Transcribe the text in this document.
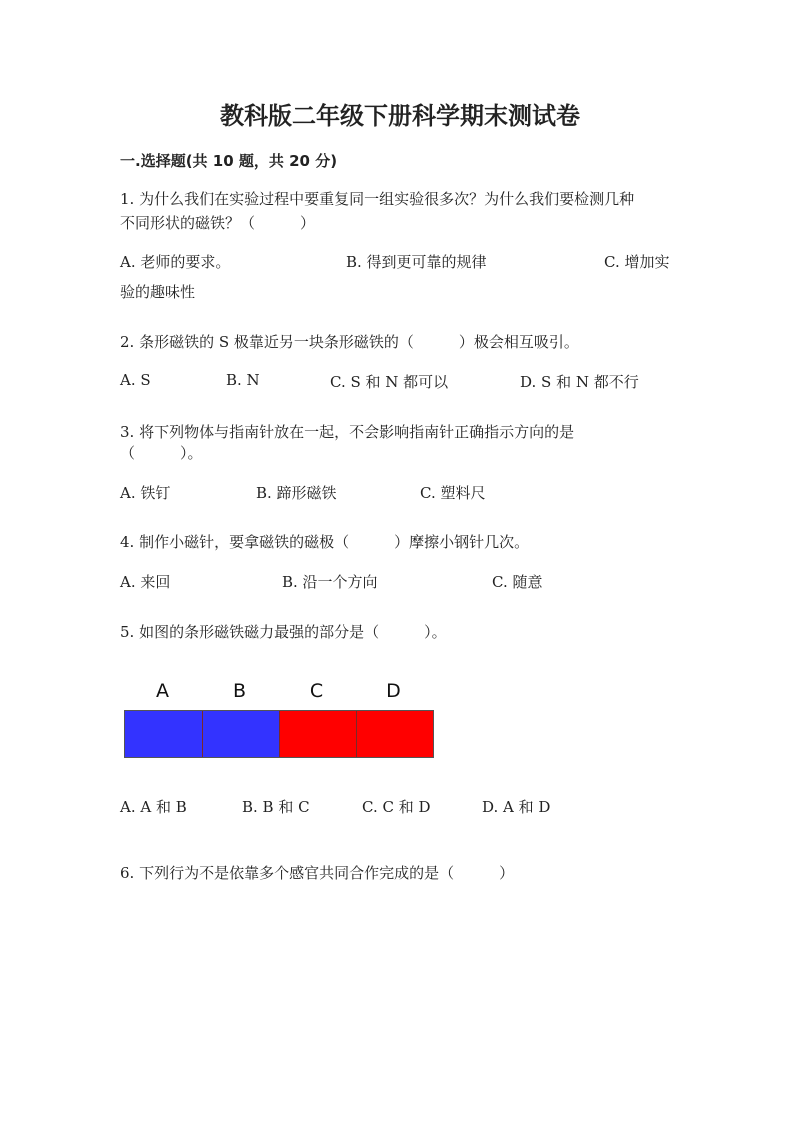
教科版二年级下册科学期末测试卷
一.选择题(共 10 题，共 20 分)
1. 为什么我们在实验过程中要重复同一组实验很多次？为什么我们要检测几种
不同形状的磁铁？（　　　）
A. 老师的要求。	B. 得到更可靠的规律	C. 增加实
验的趣味性
2. 条形磁铁的 S 极靠近另一块条形磁铁的（　　　）极会相互吸引。
A. S	B. N	C. S 和 N 都可以	D. S 和 N 都不行
3. 将下列物体与指南针放在一起，不会影响指南针正确指示方向的是
（　　　）。
A. 铁钉	B. 蹄形磁铁	C. 塑料尺
4. 制作小磁针，要拿磁铁的磁极（　　　）摩擦小钢针几次。
A. 来回	B. 沿一个方向	C. 随意
5. 如图的条形磁铁磁力最强的部分是（　　　）。
A	B	C	D
A. A 和 B	B. B 和 C	C. C 和 D	D. A 和 D
6. 下列行为不是依靠多个感官共同合作完成的是（　　　）
